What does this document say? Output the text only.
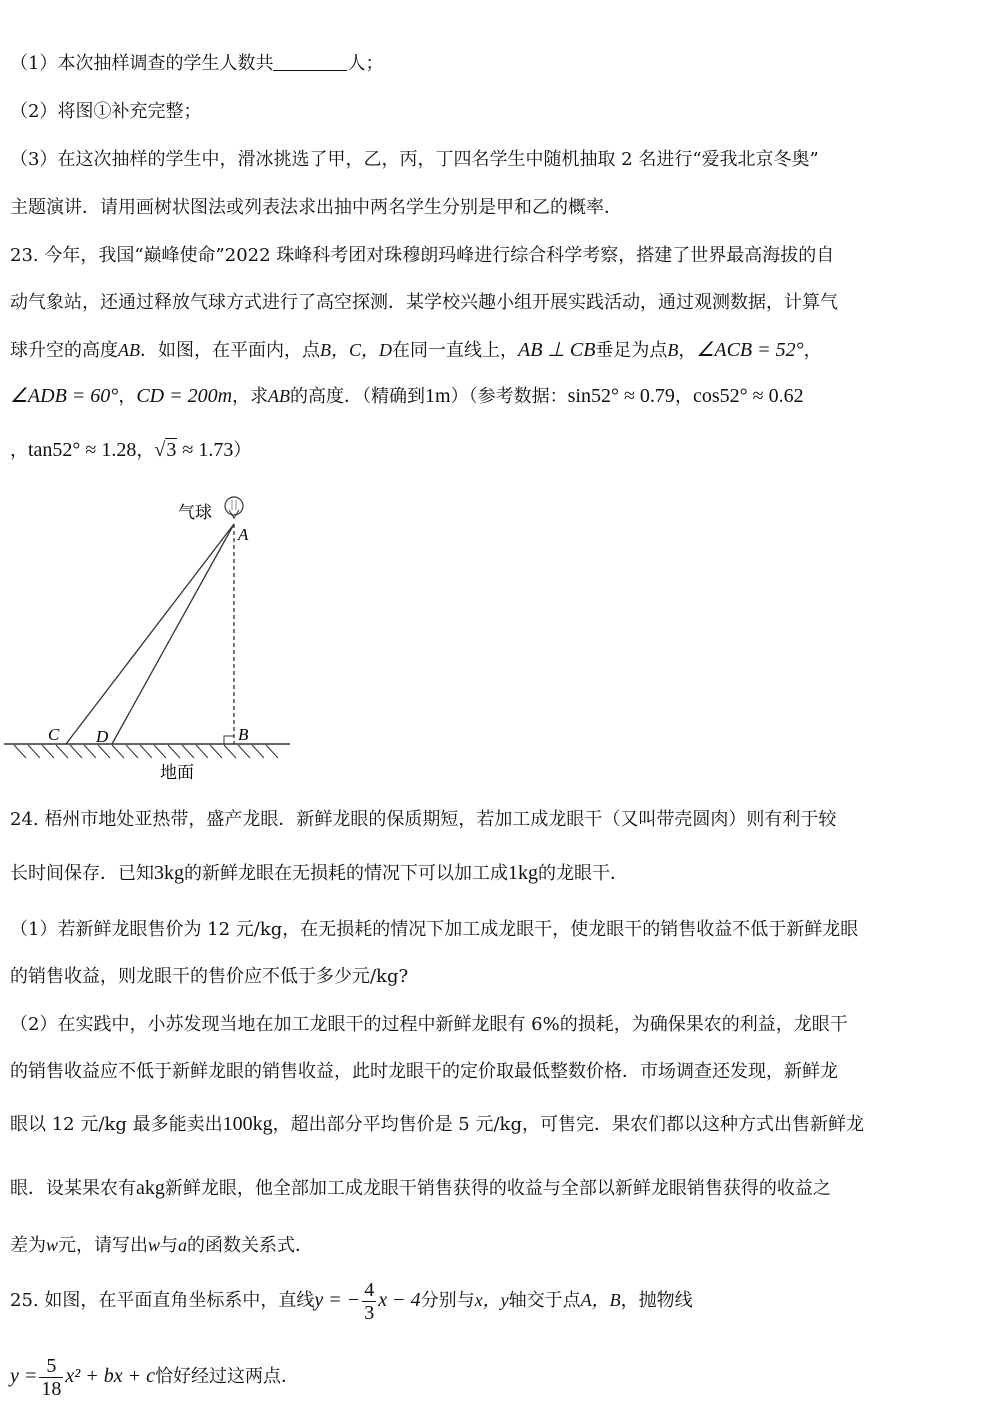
（1）本次抽样调查的学生人数共	人；
（2）将图①补充完整；
（3）在这次抽样的学生中，滑冰挑选了甲，乙，丙，丁四名学生中随机抽取 2 名进行“爱我北京冬奥”
主题演讲．请用画树状图法或列表法求出抽中两名学生分别是甲和乙的概率．
23. 今年，我国“巅峰使命”2022 珠峰科考团对珠穆朗玛峰进行综合科学考察，搭建了世界最高海拔的自
动气象站，还通过释放气球方式进行了高空探测．某学校兴趣小组开展实践活动，通过观测数据，计算气
球升空的高度AB．如图，在平面内，点B，C，D在同一直线上，AB ⊥ CB垂足为点B，∠ACB = 52°，
∠ADB = 60°，CD = 200m，求AB的高度．（精确到1m）（参考数据：sin52° ≈ 0.79，cos52° ≈ 0.62
，tan52° ≈ 1.28，√3 ≈ 1.73）
气球
A
C D	B
地面
24. 梧州市地处亚热带，盛产龙眼．新鲜龙眼的保质期短，若加工成龙眼干（又叫带壳圆肉）则有利于较
长时间保存．已知3kg的新鲜龙眼在无损耗的情况下可以加工成1kg的龙眼干．
（1）若新鲜龙眼售价为 12 元/kg，在无损耗的情况下加工成龙眼干，使龙眼干的销售收益不低于新鲜龙眼
的销售收益，则龙眼干的售价应不低于多少元/kg?
（2）在实践中，小苏发现当地在加工龙眼干的过程中新鲜龙眼有 6%的损耗，为确保果农的利益，龙眼干
的销售收益应不低于新鲜龙眼的销售收益，此时龙眼干的定价取最低整数价格．市场调查还发现，新鲜龙
眼以 12 元/kg 最多能卖出100kg，超出部分平均售价是 5 元/kg，可售完．果农们都以这种方式出售新鲜龙
眼．设某果农有akg新鲜龙眼，他全部加工成龙眼干销售获得的收益与全部以新鲜龙眼销售获得的收益之
差为w元，请写出w与a的函数关系式．
25. 如图，在平面直角坐标系中，直线y = − $\frac{4}{3}$ x − 4分别与x，y轴交于点A，B，抛物线
$y = \frac{5}{18} x^2$ + bx + c恰好经过这两点．
